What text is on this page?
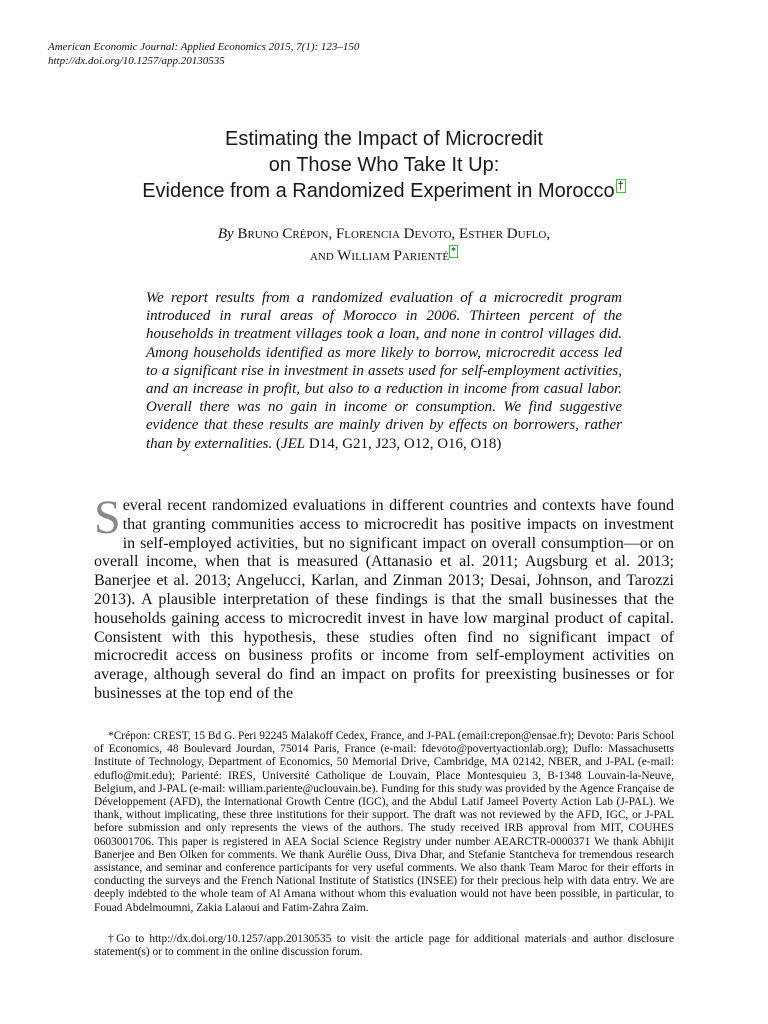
American Economic Journal: Applied Economics 2015, 7(1): 123–150
http://dx.doi.org/10.1257/app.20130535
Estimating the Impact of Microcredit
on Those Who Take It Up:
Evidence from a Randomized Experiment in Morocco †
By Bruno Crépon, Florencia Devoto, Esther Duflo,
and William Parienté *

We report results from a randomized evaluation of a microcredit program introduced in rural areas of Morocco in 2006. Thirteen percent of the households in treatment villages took a loan, and none in control villages did. Among households identified as more likely to borrow, microcredit access led to a significant rise in investment in assets used for self-employment activities, and an increase in profit, but also to a reduction in income from casual labor. Overall there was no gain in income or consumption. We find suggestive evidence that these results are mainly driven by effects on borrowers, rather than by externalities. (JEL D14, G21, J23, O12, O16, O18)

Several recent randomized evaluations in different countries and contexts have found that granting communities access to microcredit has positive impacts on investment in self-employed activities, but no significant impact on overall consumption—or on overall income, when that is measured (Attanasio et al. 2011; Augsburg et al. 2013; Banerjee et al. 2013; Angelucci, Karlan, and Zinman 2013; Desai, Johnson, and Tarozzi 2013). A plausible interpretation of these findings is that the small businesses that the households gaining access to microcredit invest in have low marginal product of capital. Consistent with this hypothesis, these studies often find no significant impact of microcredit access on business profits or income from self-employment activities on average, although several do find an impact on profits for preexisting businesses or for businesses at the top end of the

*Crépon: CREST, 15 Bd G. Peri 92245 Malakoff Cedex, France, and J-PAL (email:crepon@ensae.fr); Devoto: Paris School of Economics, 48 Boulevard Jourdan, 75014 Paris, France (e-mail: fdevoto@povertyactionlab.org); Duflo: Massachusetts Institute of Technology, Department of Economics, 50 Memorial Drive, Cambridge, MA 02142, NBER, and J-PAL (e-mail: eduflo@mit.edu); Parienté: IRES, Université Catholique de Louvain, Place Montesquieu 3, B-1348 Louvain-la-Neuve, Belgium, and J-PAL (e-mail: william.pariente@uclouvain.be). Funding for this study was provided by the Agence Française de Développement (AFD), the International Growth Centre (IGC), and the Abdul Latif Jameel Poverty Action Lab (J-PAL). We thank, without implicating, these three institutions for their support. The draft was not reviewed by the AFD, IGC, or J-PAL before submission and only represents the views of the authors. The study received IRB approval from MIT, COUHES 0603001706. This paper is registered in AEA Social Science Registry under number AEARCTR-0000371 We thank Abhijit Banerjee and Ben Olken for comments. We thank Aurélie Ouss, Diva Dhar, and Stefanie Stantcheva for tremendous research assistance, and seminar and conference participants for very useful comments. We also thank Team Maroc for their efforts in conducting the surveys and the French National Institute of Statistics (INSEE) for their precious help with data entry. We are deeply indebted to the whole team of Al Amana without whom this evaluation would not have been possible, in particular, to Fouad Abdelmoumni, Zakia Lalaoui and Fatim-Zahra Zaim.

†Go to http://dx.doi.org/10.1257/app.20130535 to visit the article page for additional materials and author disclosure statement(s) or to comment in the online discussion forum.
